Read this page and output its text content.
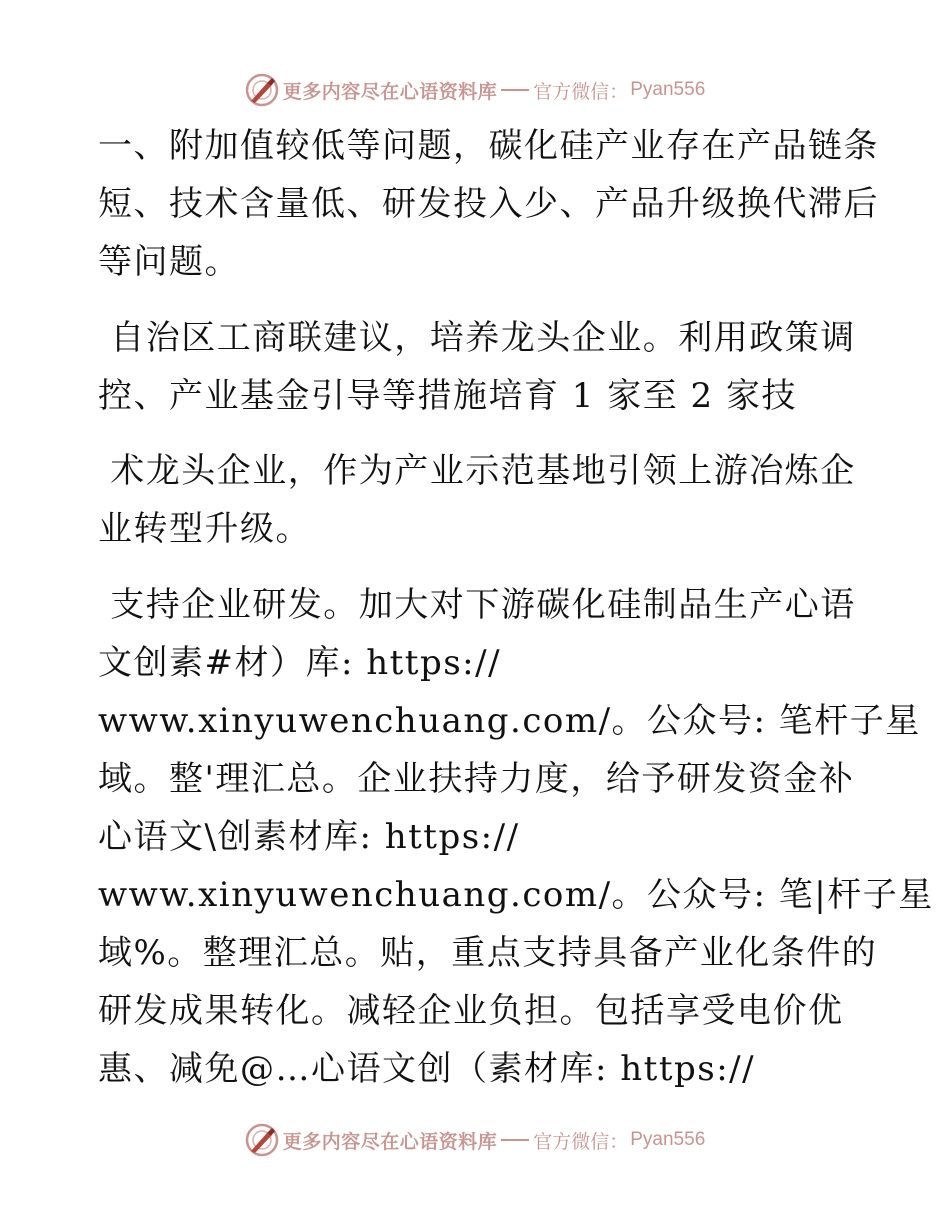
更多内容尽在心语资料库 官方微信： Pyan556
一、附加值较低等问题，碳化硅产业存在产品链条
短、技术含量低、研发投入少、产品升级换代滞后
等问题。
自治区工商联建议，培养龙头企业。利用政策调
控、产业基金引导等措施培育 1 家至 2 家技
术龙头企业，作为产业示范基地引领上游冶炼企
业转型升级。
支持企业研发。加大对下游碳化硅制品生产心语
文创素#材）库: https://
www.xinyuwenchuang.com/。公众号: 笔杆子星
域。整'理汇总。企业扶持力度，给予研发资金补
心语文\创素材库: https://
www.xinyuwenchuang.com/。公众号: 笔|杆子星
域%。整理汇总。贴，重点支持具备产业化条件的
研发成果转化。减轻企业负担。包括享受电价优
惠、减免@…心语文创（素材库: https://
更多内容尽在心语资料库 官方微信： Pyan556
